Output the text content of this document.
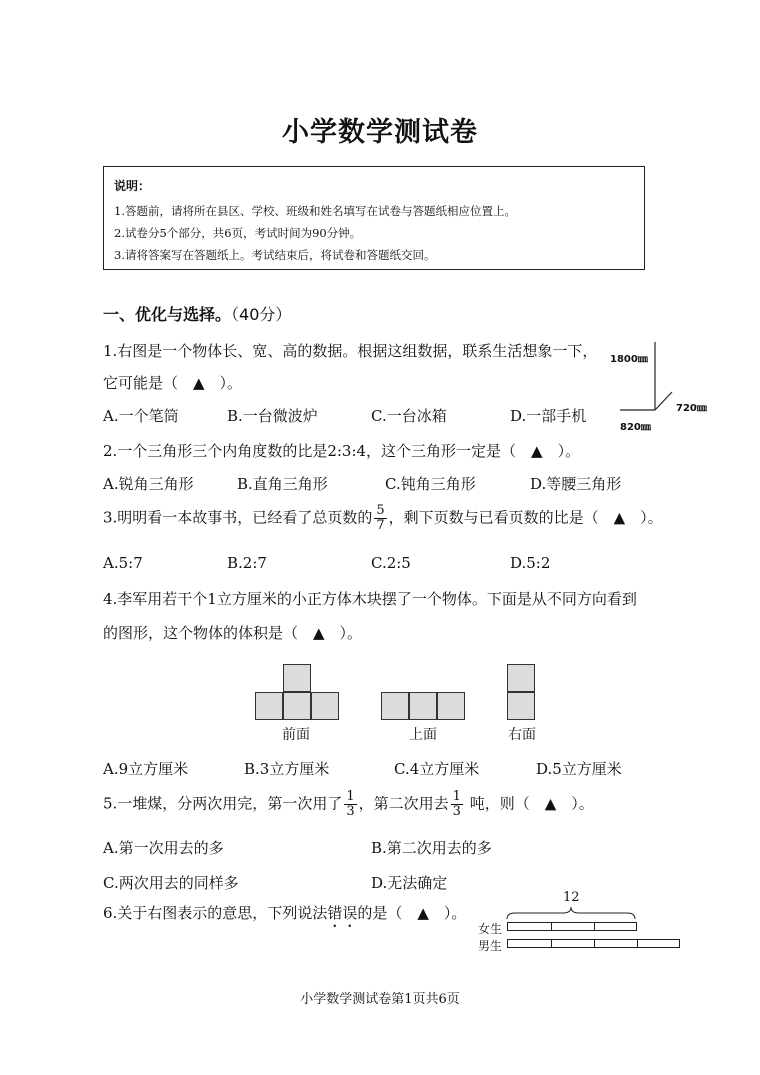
小学数学测试卷
说明：
1.答题前，请将所在县区、学校、班级和姓名填写在试卷与答题纸相应位置上。
2.试卷分5个部分，共6页，考试时间为90分钟。
3.请将答案写在答题纸上。考试结束后，将试卷和答题纸交回。
一、优化与选择。（40分）
1.右图是一个物体长、宽、高的数据。根据这组数据，联系生活想象一下，
它可能是（　▲　）。
A.一个笔筒	B.一台微波炉	C.一台冰箱	D.一部手机
1800㎜
720㎜
820㎜
2.一个三角形三个内角度数的比是2:3:4，这个三角形一定是（　▲　）。
A.锐角三角形	B.直角三角形	C.钝角三角形	D.等腰三角形
3.明明看一本故事书，已经看了总页数的 $\frac{5}{7}$ ，剩下页数与已看页数的比是（　▲　）。
A.5:7	B.2:7	C.2:5	D.5:2
4.李军用若干个1立方厘米的小正方体木块摆了一个物体。下面是从不同方向看到
的图形，这个物体的体积是（　▲　）。
前面	上面	右面
A.9立方厘米	B.3立方厘米	C.4立方厘米	D.5立方厘米
5.一堆煤，分两次用完，第一次用了 $\frac{1}{3}$ ，第二次用去 $\frac{1}{3}$ 吨，则（　▲　）。
A.第一次用去的多	B.第二次用去的多
C.两次用去的同样多	D.无法确定
6.关于右图表示的意思，下列说法错误的是（　▲　）。
12
女生
男生
小学数学测试卷第1页共6页
